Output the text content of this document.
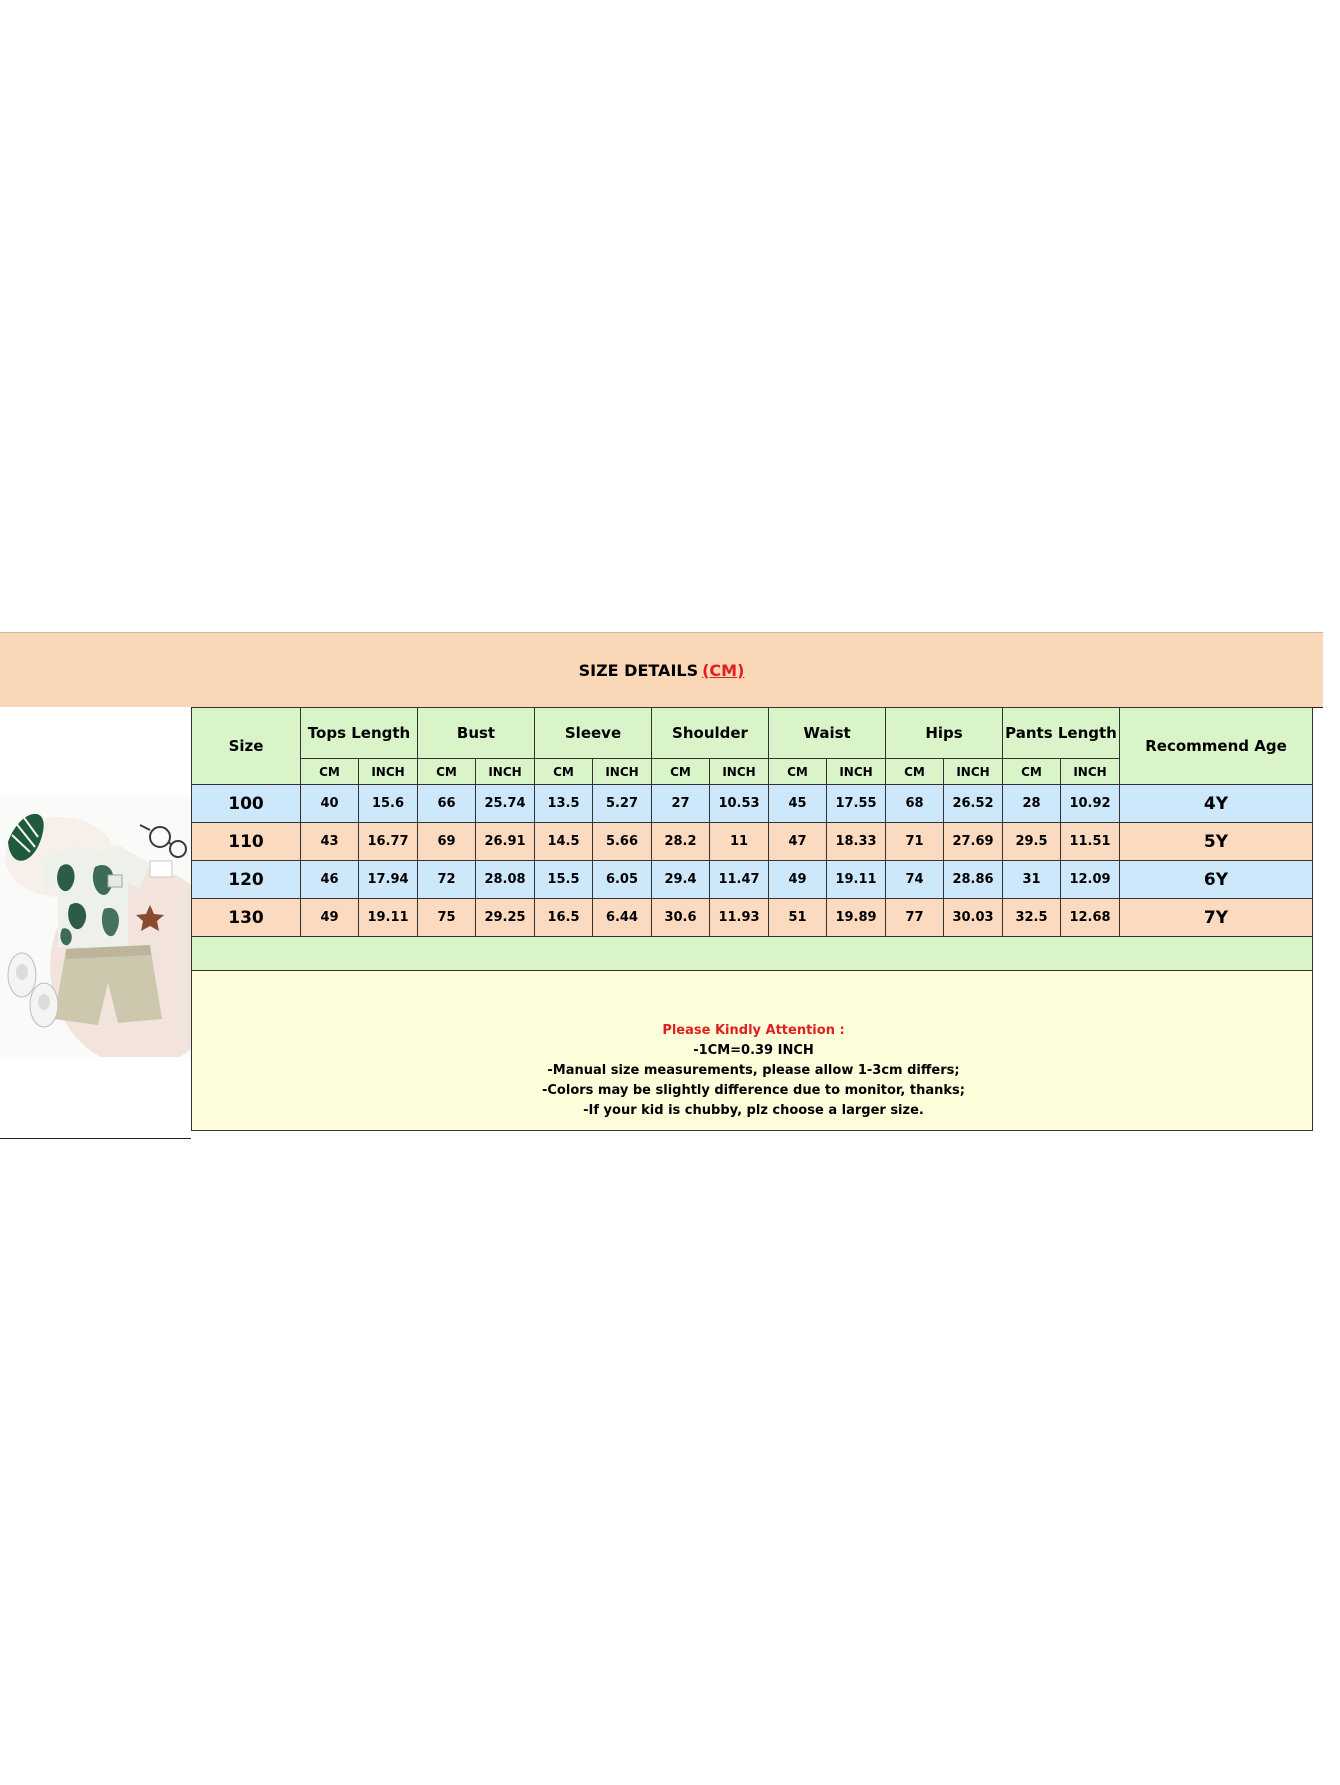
SIZE DETAILS (CM)
Size	Tops Length		Bust		Sleeve		Shoulder		Waist		Hips		Pants Length		Recommend Age
	CM	INCH	CM	INCH	CM	INCH	CM	INCH	CM	INCH	CM	INCH	CM	INCH	
100	40	15.6	66	25.74	13.5	5.27	27	10.53	45	17.55	68	26.52	28	10.92	4Y
110	43	16.77	69	26.91	14.5	5.66	28.2	11	47	18.33	71	27.69	29.5	11.51	5Y
120	46	17.94	72	28.08	15.5	6.05	29.4	11.47	49	19.11	74	28.86	31	12.09	6Y
130	49	19.11	75	29.25	16.5	6.44	30.6	11.93	51	19.89	77	30.03	32.5	12.68	7Y

Please Kindly Attention :
-1CM=0.39 INCH
-Manual size measurements, please allow 1-3cm differs;
-Colors may be slightly difference due to monitor, thanks;
-If your kid is chubby, plz choose a larger size.															
